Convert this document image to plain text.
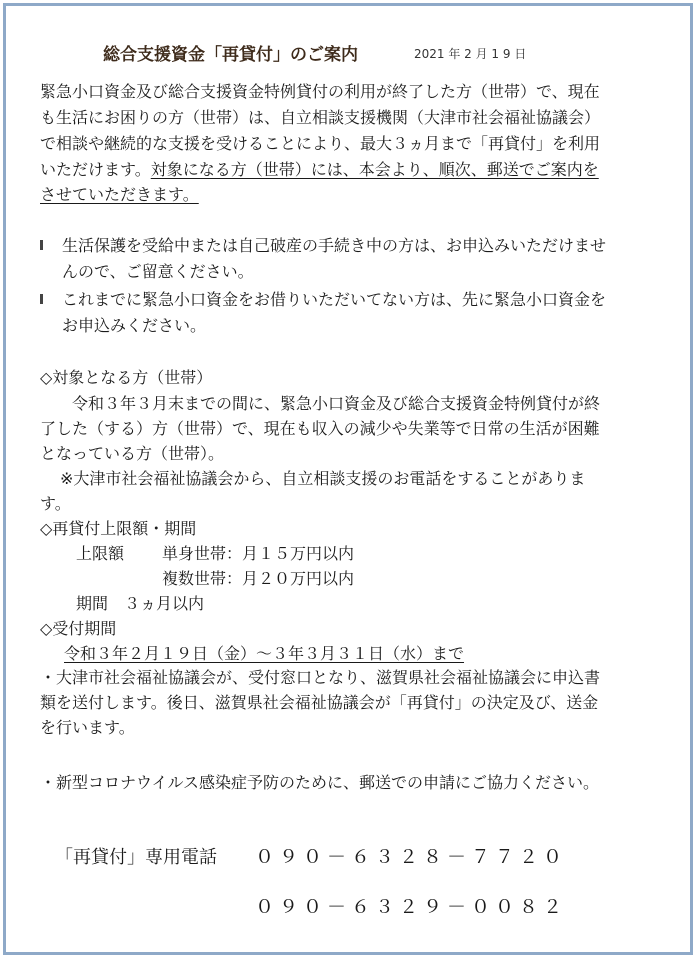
総合支援資金「再貸付」のご案内	2021 年 2 月 1 9 日
緊急小口資金及び総合支援資金特例貸付の利用が終了した方（世帯）で、現在
も生活にお困りの方（世帯）は、自立相談支援機関（大津市社会福祉協議会）
で相談や継続的な支援を受けることにより、最大３ヵ月まで「再貸付」を利用
いただけます。対象になる方（世帯）には、本会より、順次、郵送でご案内を
させていただきます。
生活保護を受給中または自己破産の手続き中の方は、お申込みいただけませ
んので、ご留意ください。
これまでに緊急小口資金をお借りいただいてない方は、先に緊急小口資金を
お申込みください。
◇対象となる方（世帯）
令和３年３月末までの間に、緊急小口資金及び総合支援資金特例貸付が終
了した（する）方（世帯）で、現在も収入の減少や失業等で日常の生活が困難
となっている方（世帯）。
※大津市社会福祉協議会から、自立相談支援のお電話をすることがありま
す。
◇再貸付上限額・期間
上限額 単身世帯：月１５万円以内
複数世帯：月２０万円以内
期間　３ヵ月以内
◇受付期間
令和３年２月１９日（金）～３年３月３１日（水）まで
・大津市社会福祉協議会が、受付窓口となり、滋賀県社会福祉協議会に申込書
類を送付します。後日、滋賀県社会福祉協議会が「再貸付」の決定及び、送金
を行います。
・新型コロナウイルス感染症予防のために、郵送での申請にご協力ください。
「再貸付」専用電話 ０９０－６３２８－７７２０
０９０－６３２９－００８２
